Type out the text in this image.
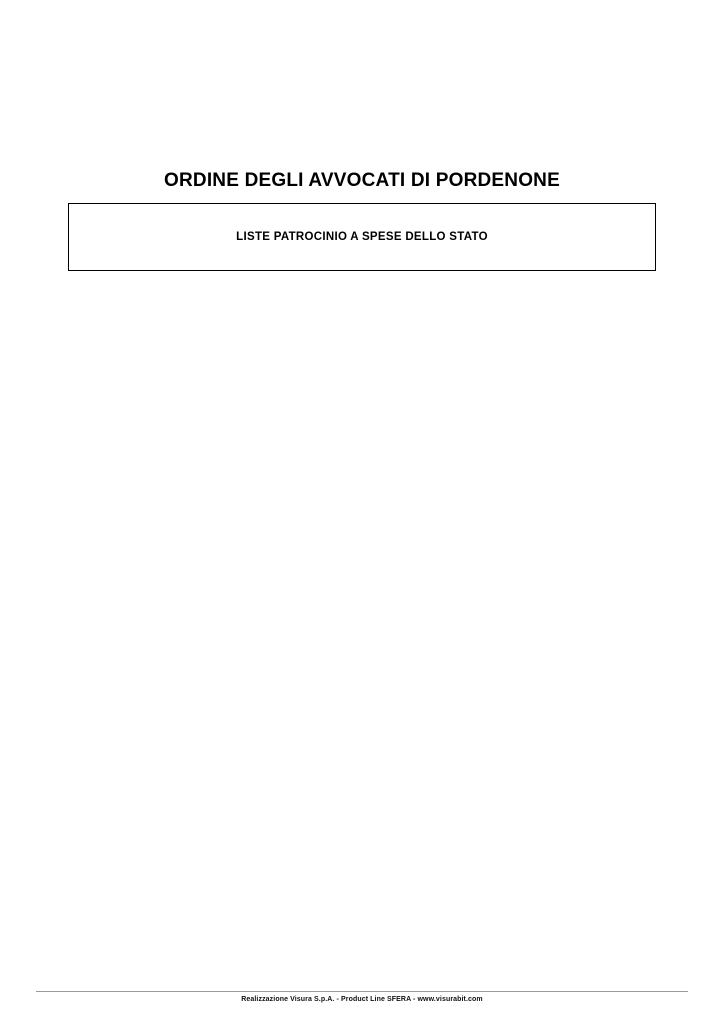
ORDINE DEGLI AVVOCATI DI PORDENONE
LISTE PATROCINIO A SPESE DELLO STATO
Realizzazione Visura S.p.A. - Product Line SFERA - www.visurabit.com
